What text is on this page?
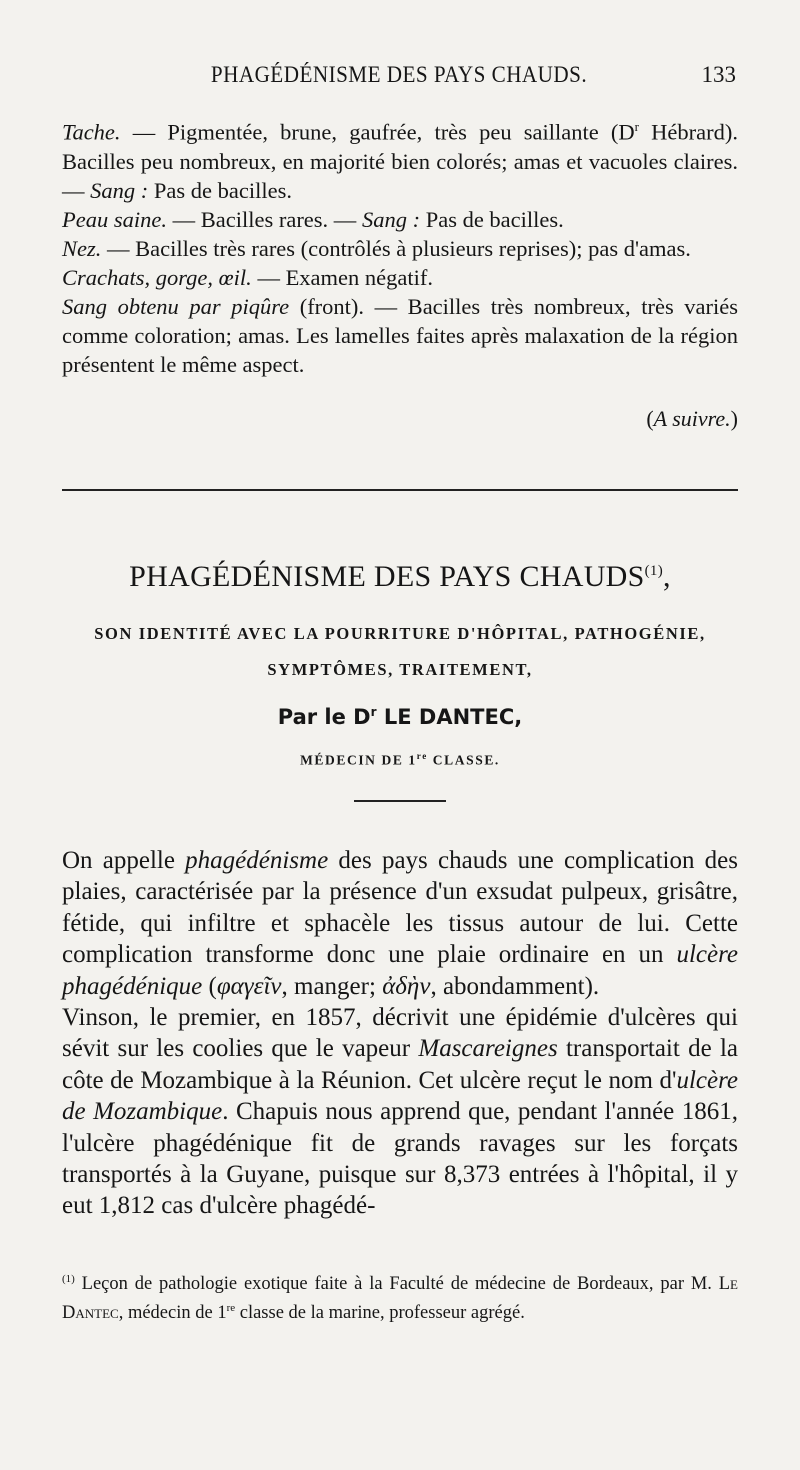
PHAGÉDÉNISME DES PAYS CHAUDS.	133

Tache. — Pigmentée, brune, gaufrée, très peu saillante ($D^r$ Hébrard). Bacilles peu nombreux, en majorité bien colorés; amas et vacuoles claires. — Sang : Pas de bacilles.

Peau saine. — Bacilles rares. — Sang : Pas de bacilles.

Nez. — Bacilles très rares (contrôlés à plusieurs reprises); pas d'amas.

Crachats, gorge, œil. — Examen négatif.

Sang obtenu par piqûre (front). — Bacilles très nombreux, très variés comme coloration; amas. Les lamelles faites après malaxation de la région présentent le même aspect.

(A suivre.)
PHAGÉDÉNISME DES PAYS CHAUDS$^{(1)}$,
SON IDENTITÉ AVEC LA POURRITURE D'HÔPITAL, PATHOGÉNIE,
SYMPTÔMES, TRAITEMENT,
Par le $D^r$ LE DANTEC,
MÉDECIN DE 1re CLASSE.

On appelle phagédénisme des pays chauds une complication des plaies, caractérisée par la présence d'un exsudat pulpeux, grisâtre, fétide, qui infiltre et sphacèle les tissus autour de lui. Cette complication transforme donc une plaie ordinaire en un ulcère phagédénique (φαγεῖν, manger; ἀδὴν, abondamment).

Vinson, le premier, en 1857, décrivit une épidémie d'ulcères qui sévit sur les coolies que le vapeur Mascareignes transportait de la côte de Mozambique à la Réunion. Cet ulcère reçut le nom d'ulcère de Mozambique. Chapuis nous apprend que, pendant l'année 1861, l'ulcère phagédénique fit de grands ravages sur les forçats transportés à la Guyane, puisque sur 8,373 entrées à l'hôpital, il y eut 1,812 cas d'ulcère phagédé-

$^{(1)}$ Leçon de pathologie exotique faite à la Faculté de médecine de Bordeaux, par M. Le Dantec, médecin de 1re classe de la marine, professeur agrégé.
